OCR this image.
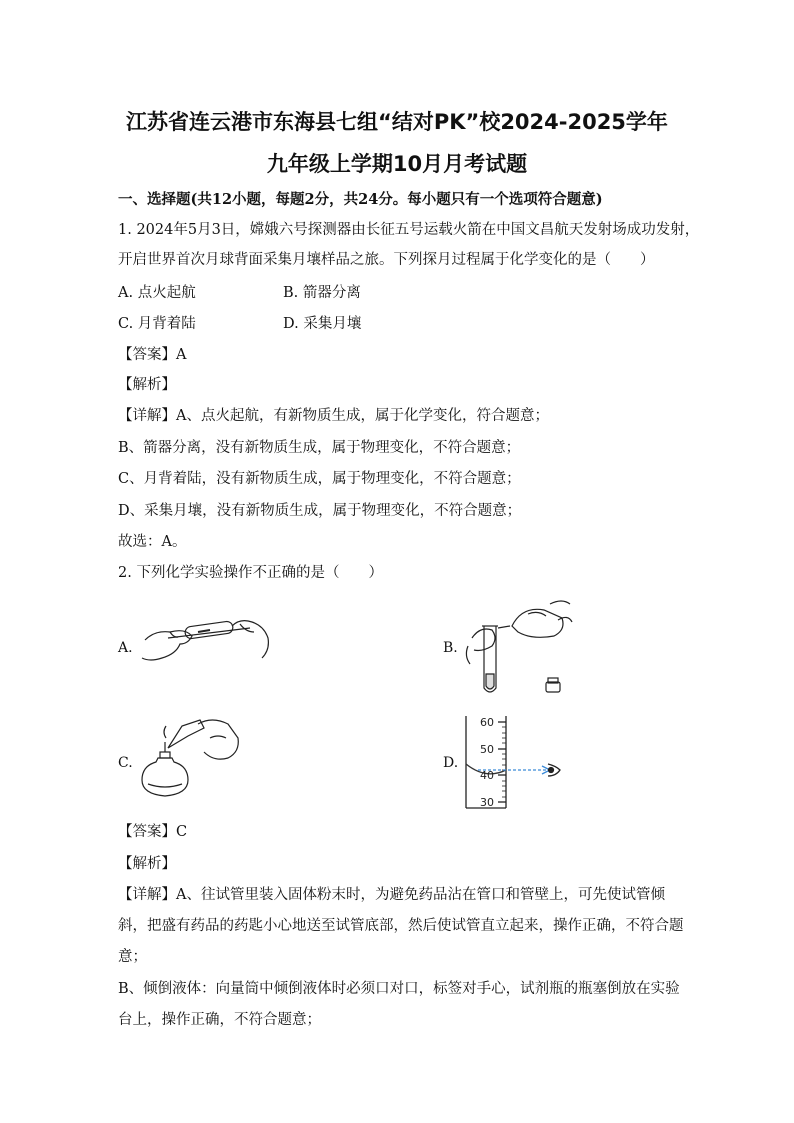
江苏省连云港市东海县七组“结对PK”校2024-2025学年
九年级上学期10月月考试题
一、选择题(共12小题，每题2分，共24分。每小题只有一个选项符合题意)
1. 2024年5月3日，嫦娥六号探测器由长征五号运载火箭在中国文昌航天发射场成功发射，
开启世界首次月球背面采集月壤样品之旅。下列探月过程属于化学变化的是（　　）
A. 点火起航	B. 箭器分离
C. 月背着陆	D. 采集月壤
【答案】A
【解析】
【详解】A、点火起航，有新物质生成，属于化学变化，符合题意；
B、箭器分离，没有新物质生成，属于物理变化，不符合题意；
C、月背着陆，没有新物质生成，属于物理变化，不符合题意；
D、采集月壤，没有新物质生成，属于物理变化，不符合题意；
故选：A。
2. 下列化学实验操作不正确的是（　　）
A.	B.
C.	D.
60
50
40
30
【答案】C
【解析】
【详解】A、往试管里装入固体粉末时，为避免药品沾在管口和管壁上，可先使试管倾
斜，把盛有药品的药匙小心地送至试管底部，然后使试管直立起来，操作正确，不符合题
意；
B、倾倒液体：向量筒中倾倒液体时必须口对口，标签对手心，试剂瓶的瓶塞倒放在实验
台上，操作正确，不符合题意；
